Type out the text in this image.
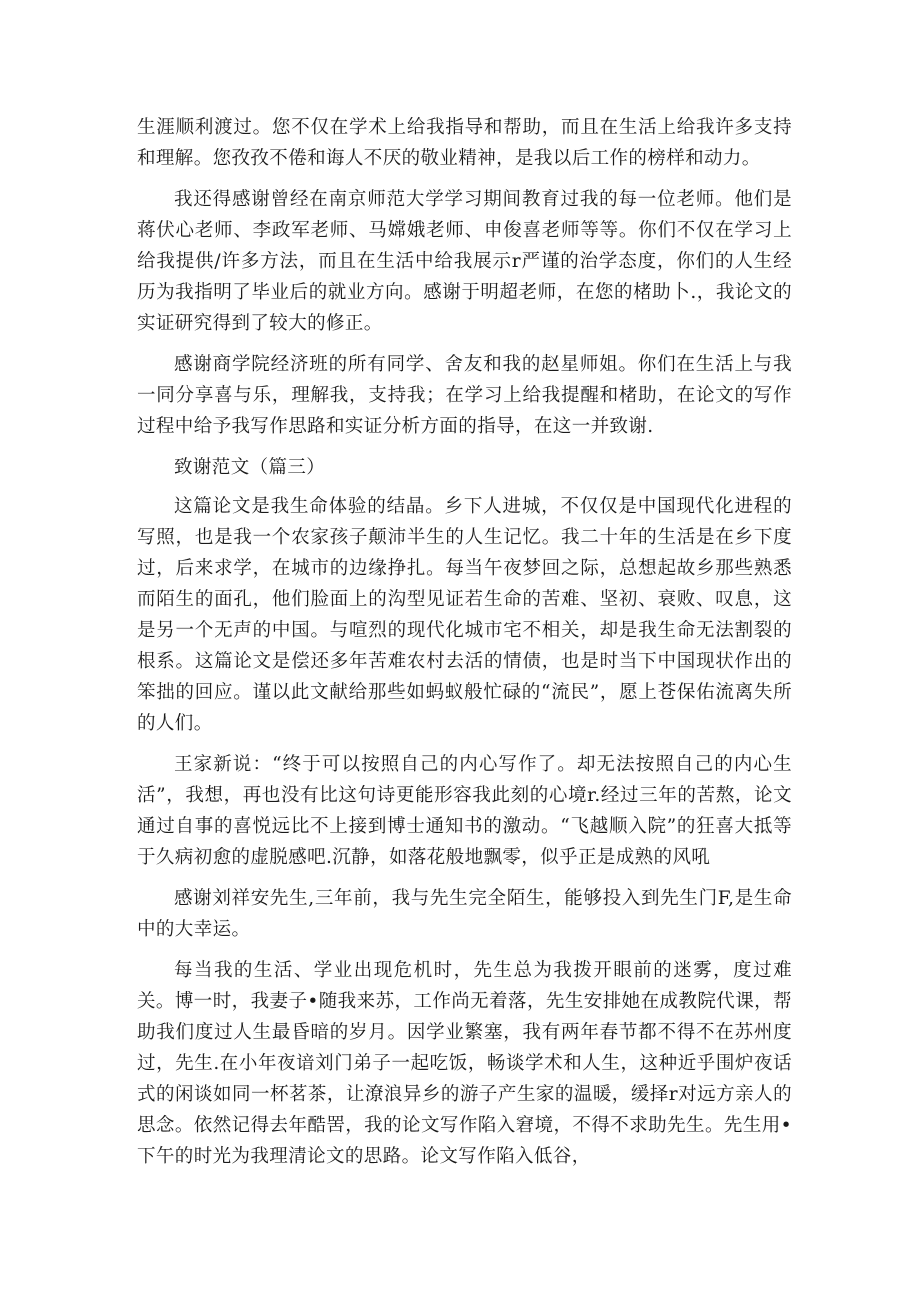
生涯顺利渡过。您不仅在学术上给我指导和帮助，而且在生活上给我许多支持和理解。您孜孜不倦和诲人不厌的敬业精神，是我以后工作的榜样和动力。

我还得感谢曾经在南京师范大学学习期间教育过我的每一位老师。他们是蒋伏心老师、李政军老师、马嫦娥老师、申俊喜老师等等。你们不仅在学习上给我提供/许多方法，而且在生活中给我展示r严谨的治学态度，你们的人生经历为我指明了毕业后的就业方向。感谢于明超老师，在您的楮助卜.，我论文的实证研究得到了较大的修正。

感谢商学院经济班的所有同学、舍友和我的赵星师姐。你们在生活上与我一同分享喜与乐，理解我，支持我；在学习上给我提醒和楮助，在论文的写作过程中给予我写作思路和实证分析方面的指导，在这一并致谢.

致谢范文（篇三）

这篇论文是我生命体验的结晶。乡下人进城，不仅仅是中国现代化进程的写照，也是我一个农家孩子颠沛半生的人生记忆。我二十年的生活是在乡下度过，后来求学，在城市的边缘挣扎。每当午夜梦回之际，总想起故乡那些熟悉而陌生的面孔，他们脸面上的沟型见证若生命的苦难、坚初、衰败、叹息，这是另一个无声的中国。与喧烈的现代化城市宅不相关，却是我生命无法割裂的根系。这篇论文是偿还多年苦难农村去活的情债，也是时当下中国现状作出的笨拙的回应。谨以此文献给那些如蚂蚁般忙碌的“流民”，愿上苍保佑流离失所的人们。

王家新说：“终于可以按照自己的内心写作了。却无法按照自己的内心生活”，我想，再也没有比这句诗更能形容我此刻的心境r.经过三年的苦熬，论文通过自事的喜悦远比不上接到博士通知书的激动。“飞越顺入院”的狂喜大抵等于久病初愈的虚脱感吧.沉静，如落花般地飘零，似乎正是成熟的风吼

感谢刘祥安先生,三年前，我与先生完全陌生，能够投入到先生门F,是生命中的大幸运。

每当我的生活、学业出现危机时，先生总为我拨开眼前的迷雾，度过难关。博一时，我妻子•随我来苏，工作尚无着落，先生安排她在成教院代课，帮助我们度过人生最昏暗的岁月。因学业繁塞，我有两年春节都不得不在苏州度过，先生.在小年夜谙刘门弟子一起吃饭，畅谈学术和人生，这种近乎围炉夜话式的闲谈如同一杯茗茶，让潦浪异乡的游子产生家的温暖，缓择r对远方亲人的思念。依然记得去年酷罟，我的论文写作陷入窘境，不得不求助先生。先生用•下午的时光为我理清论文的思路。论文写作陷入低谷，
